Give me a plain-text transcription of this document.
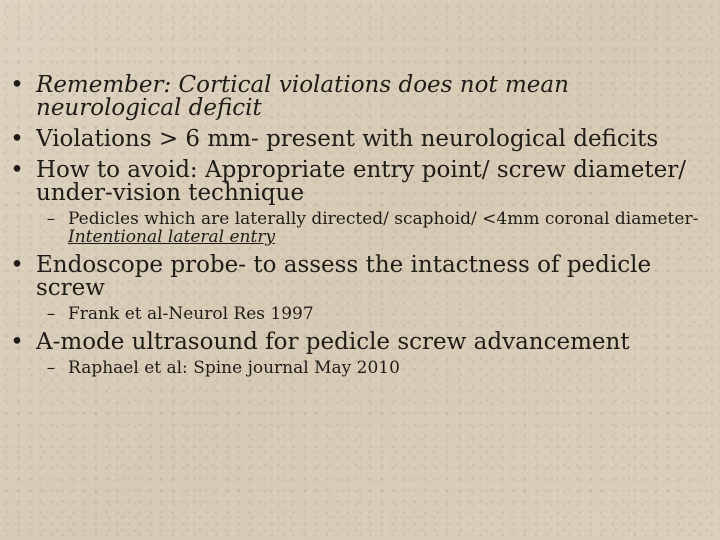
• Remember: Cortical violations does not mean neurological deficit
• Violations > 6 mm- present with neurological deficits
• How to avoid: Appropriate entry point/ screw diameter/ under-vision technique
– Pedicles which are laterally directed/ scaphoid/ <4mm coronal diameter- Intentional lateral entry
• Endoscope probe- to assess the intactness of pedicle screw
– Frank et al-Neurol Res 1997
• A-mode ultrasound for pedicle screw advancement
– Raphael et al: Spine journal May 2010
